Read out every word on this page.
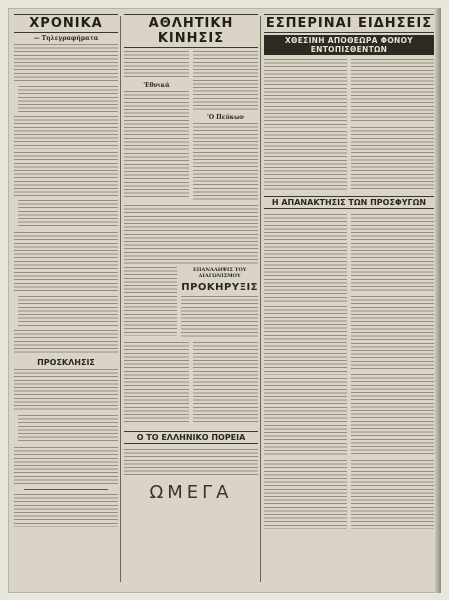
ΧΡΟΝΙΚΑ
— Τηλεγραφήματα
ΠΡΟΣΚΛΗΣΙΣ
ΑΘΛΗΤΙΚΗ ΚΙΝΗΣΙΣ
'Εθνικά
'Ο Πεύκων
ΕΠΑΝΑΛΗΨΙΣ ΤΟΥ ΔΙΑΓΩΝΙΣΜΟΥ
ΠΡΟΚΗΡΥΞΙΣ
Ο ΤΟ ΕΛΛΗΝΙΚΟ ΠΟΡΕΙΑ
ΩΜΕΓΑ
ΕΣΠΕΡΙΝΑΙ ΕΙΔΗΣΕΙΣ
ΧΘΕΣΙΝΗ ΑΠΟΘΕΩΡΑ ΦΟΝΟΥ ΕΝΤΟΠΙΣΘΕΝΤΩΝ
Η ΑΠΑΝΑΚΤΗΣΙΣ ΤΩΝ ΠΡΟΣΦΥΓΩΝ
